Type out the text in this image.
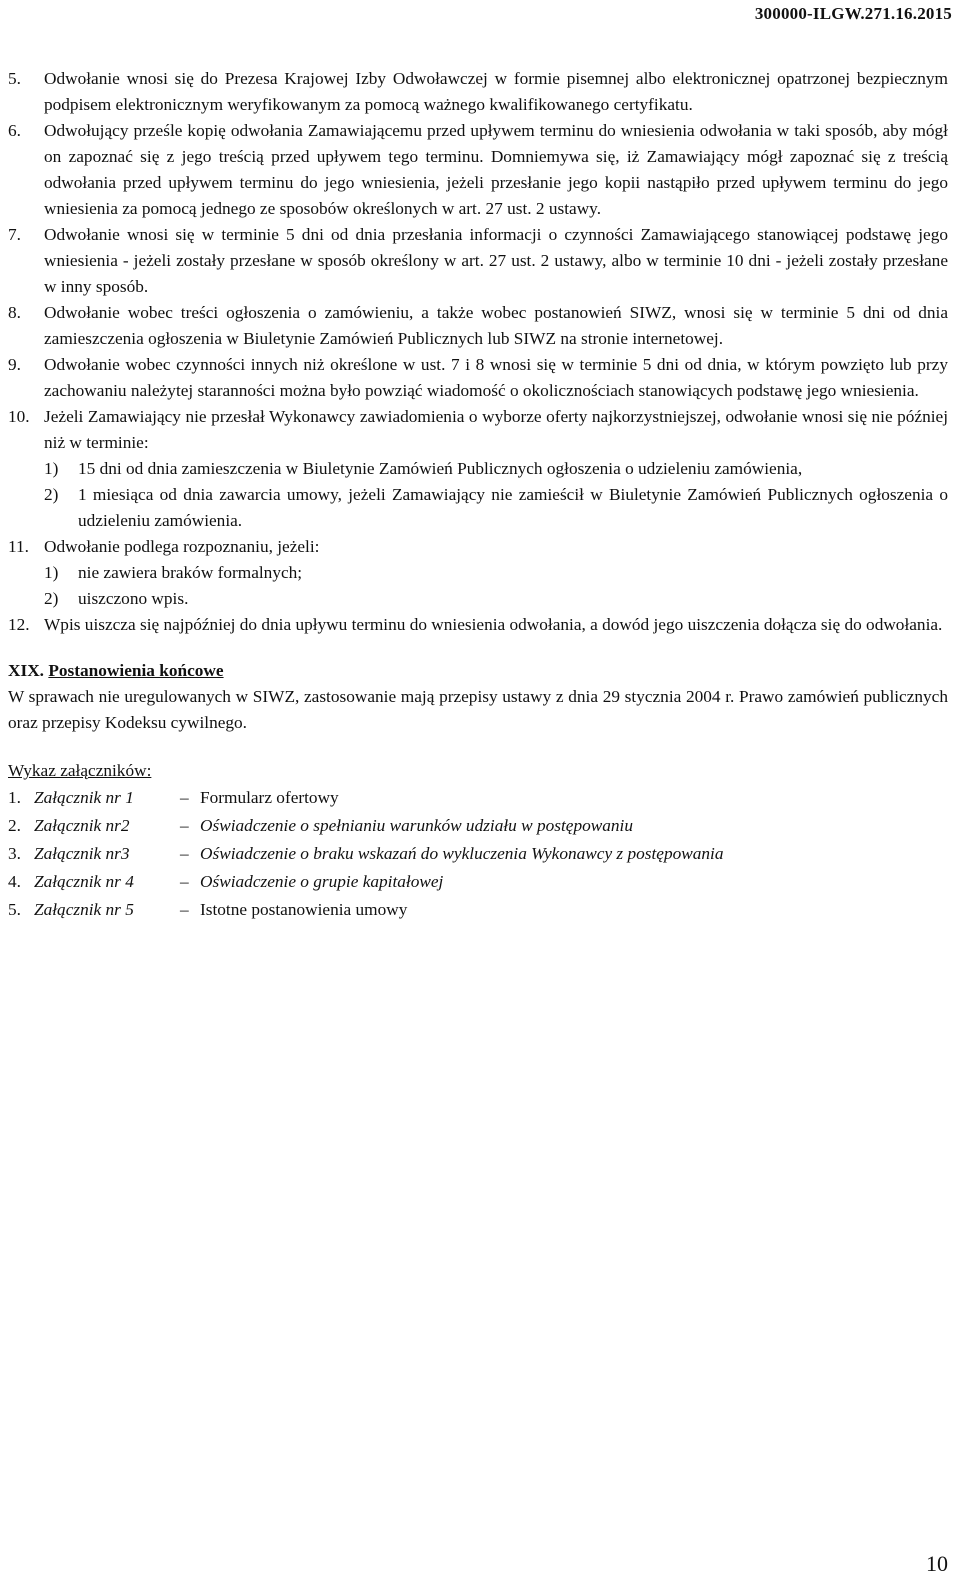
300000-ILGW.271.16.2015
5.	Odwołanie wnosi się do Prezesa Krajowej Izby Odwoławczej w formie pisemnej albo elektronicznej opatrzonej bezpiecznym podpisem elektronicznym weryfikowanym za pomocą ważnego kwalifikowanego certyfikatu.
6.	Odwołujący prześle kopię odwołania Zamawiającemu przed upływem terminu do wniesienia odwołania w taki sposób, aby mógł on zapoznać się z jego treścią przed upływem tego terminu. Domniemywa się, iż Zamawiający mógł zapoznać się z treścią odwołania przed upływem terminu do jego wniesienia, jeżeli przesłanie jego kopii nastąpiło przed upływem terminu do jego wniesienia za pomocą jednego ze sposobów określonych w art. 27 ust. 2 ustawy.
7.	Odwołanie wnosi się w terminie 5 dni od dnia przesłania informacji o czynności Zamawiającego stanowiącej podstawę jego wniesienia - jeżeli zostały przesłane w sposób określony w art. 27 ust. 2 ustawy, albo w terminie 10 dni - jeżeli zostały przesłane w inny sposób.
8.	Odwołanie wobec treści ogłoszenia o zamówieniu, a także wobec postanowień SIWZ, wnosi się w terminie 5 dni od dnia zamieszczenia ogłoszenia w Biuletynie Zamówień Publicznych lub SIWZ na stronie internetowej.
9.	Odwołanie wobec czynności innych niż określone w ust. 7 i 8 wnosi się w terminie 5 dni od dnia, w którym powzięto lub przy zachowaniu należytej staranności można było powziąć wiadomość o okolicznościach stanowiących podstawę jego wniesienia.
10. Jeżeli Zamawiający nie przesłał Wykonawcy zawiadomienia o wyborze oferty najkorzystniejszej, odwołanie wnosi się nie później niż w terminie:
1)	15 dni od dnia zamieszczenia w Biuletynie Zamówień Publicznych ogłoszenia o udzieleniu zamówienia,
2)	1 miesiąca od dnia zawarcia umowy, jeżeli Zamawiający nie zamieścił w Biuletynie Zamówień Publicznych ogłoszenia o udzieleniu zamówienia.
11. Odwołanie podlega rozpoznaniu, jeżeli:
1)	nie zawiera braków formalnych;
2)	uiszczono wpis.
12. Wpis uiszcza się najpóźniej do dnia upływu terminu do wniesienia odwołania, a dowód jego uiszczenia dołącza się do odwołania.
XIX. Postanowienia końcowe
W sprawach nie uregulowanych w SIWZ, zastosowanie mają przepisy ustawy z dnia 29 stycznia 2004 r. Prawo zamówień publicznych oraz przepisy Kodeksu cywilnego.
Wykaz załączników:
1. Załącznik nr 1	– Formularz ofertowy
2. Załącznik nr2	– Oświadczenie o spełnianiu warunków udziału w postępowaniu
3. Załącznik nr3	– Oświadczenie o braku wskazań do wykluczenia Wykonawcy z postępowania
4. Załącznik nr 4	– Oświadczenie o grupie kapitałowej
5. Załącznik nr 5	– Istotne postanowienia umowy
10
